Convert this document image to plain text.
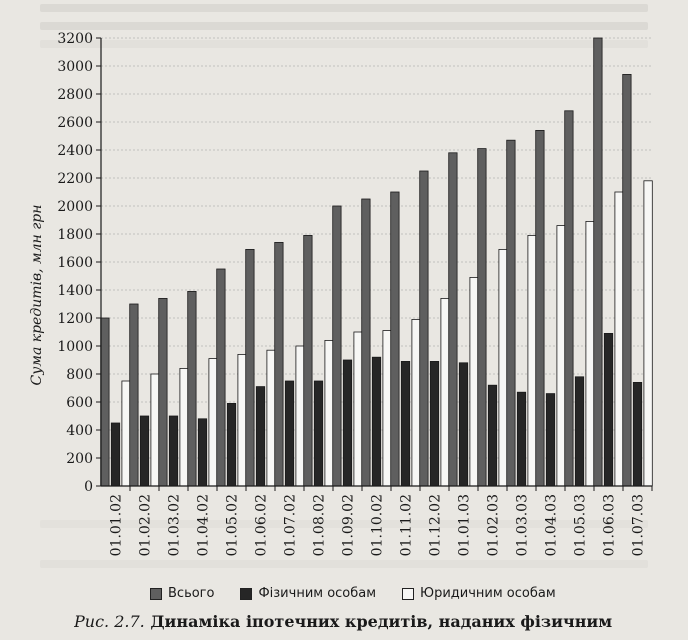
0
200
400
600
800
1000
1200
1400
1600
1800
2000
2200
2400
2600
2800
3000
3200
01.01.02 01.02.02 01.03.02 01.04.02 01.05.02 01.06.02 01.07.02 01.08.02 01.09.02 01.10.02 01.11.02 01.12.02 01.01.03 01.02.03 01.03.03 01.04.03 01.05.03 01.06.03 01.07.03
Сума кредитів, млн грн
Всього	Фізичним особам	Юридичним особам
Рис. 2.7. Динаміка іпотечних кредитів, наданих фізичним
